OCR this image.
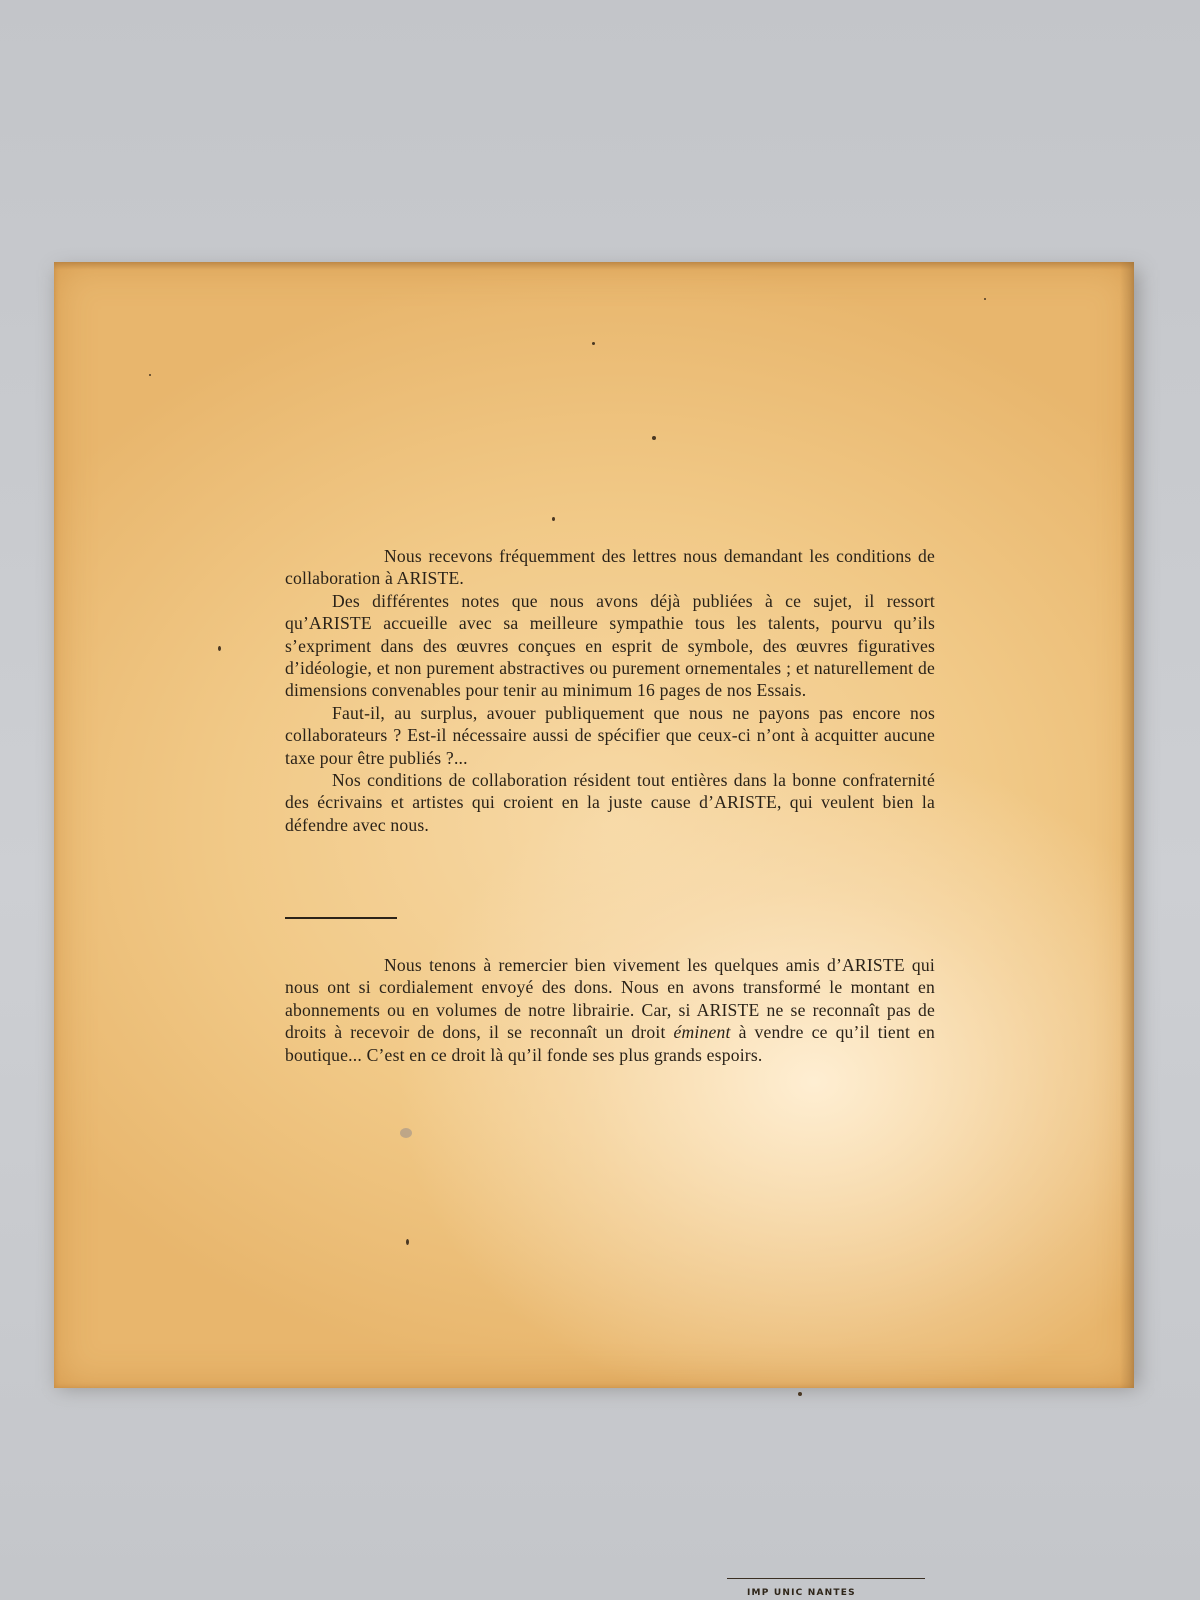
Nous recevons fréquemment des lettres nous demandant les conditions de collaboration à ARISTE.

Des différentes notes que nous avons déjà publiées à ce sujet, il ressort qu’ARISTE accueille avec sa meilleure sympathie tous les talents, pourvu qu’ils s’expriment dans des œuvres conçues en esprit de symbole, des œuvres figuratives d’idéologie, et non purement abstractives ou purement ornementales ; et naturellement de dimensions convenables pour tenir au minimum 16 pages de nos Essais.

Faut-il, au surplus, avouer publiquement que nous ne payons pas encore nos collaborateurs ? Est-il nécessaire aussi de spécifier que ceux-ci n’ont à acquitter aucune taxe pour être publiés ?...

Nos conditions de collaboration résident tout entières dans la bonne confraternité des écrivains et artistes qui croient en la juste cause d’ARISTE, qui veulent bien la défendre avec nous.

Nous tenons à remercier bien vivement les quelques amis d’ARISTE qui nous ont si cordialement envoyé des dons. Nous en avons transformé le montant en abonnements ou en volumes de notre librairie. Car, si ARISTE ne se reconnaît pas de droits à recevoir de dons, il se reconnaît un droit éminent à vendre ce qu’il tient en boutique... C’est en ce droit là qu’il fonde ses plus grands espoirs.

IMP UNIC NANTES
